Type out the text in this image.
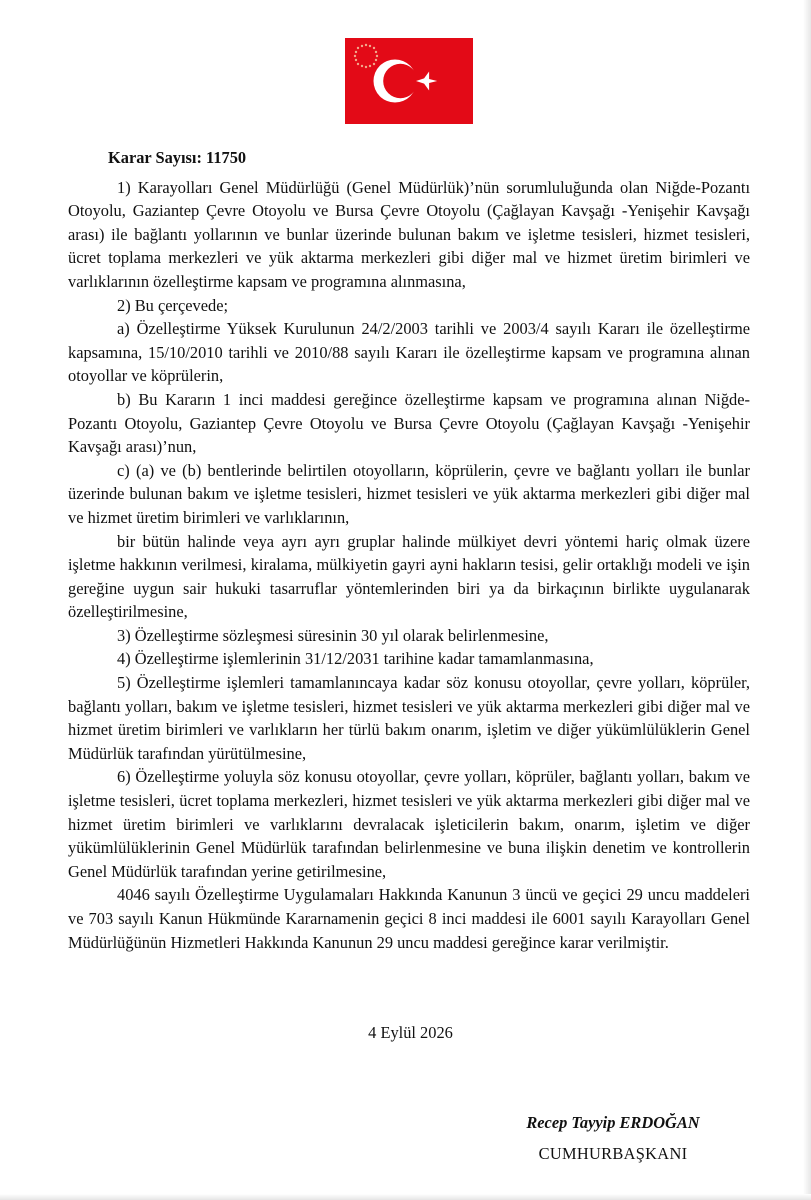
Karar Sayısı: 11750

1) Karayolları Genel Müdürlüğü (Genel Müdürlük)’nün sorumluluğunda olan Niğde-Pozantı Otoyolu, Gaziantep Çevre Otoyolu ve Bursa Çevre Otoyolu (Çağlayan Kavşağı -Yenişehir Kavşağı arası) ile bağlantı yollarının ve bunlar üzerinde bulunan bakım ve işletme tesisleri, hizmet tesisleri, ücret toplama merkezleri ve yük aktarma merkezleri gibi diğer mal ve hizmet üretim birimleri ve varlıklarının özelleştirme kapsam ve programına alınmasına,

2) Bu çerçevede;

a) Özelleştirme Yüksek Kurulunun 24/2/2003 tarihli ve 2003/4 sayılı Kararı ile özelleştirme kapsamına, 15/10/2010 tarihli ve 2010/88 sayılı Kararı ile özelleştirme kapsam ve programına alınan otoyollar ve köprülerin,

b) Bu Kararın 1 inci maddesi gereğince özelleştirme kapsam ve programına alınan Niğde-Pozantı Otoyolu, Gaziantep Çevre Otoyolu ve Bursa Çevre Otoyolu (Çağlayan Kavşağı -Yenişehir Kavşağı arası)’nun,

c) (a) ve (b) bentlerinde belirtilen otoyolların, köprülerin, çevre ve bağlantı yolları ile bunlar üzerinde bulunan bakım ve işletme tesisleri, hizmet tesisleri ve yük aktarma merkezleri gibi diğer mal ve hizmet üretim birimleri ve varlıklarının,

bir bütün halinde veya ayrı ayrı gruplar halinde mülkiyet devri yöntemi hariç olmak üzere işletme hakkının verilmesi, kiralama, mülkiyetin gayri ayni hakların tesisi, gelir ortaklığı modeli ve işin gereğine uygun sair hukuki tasarruflar yöntemlerinden biri ya da birkaçının birlikte uygulanarak özelleştirilmesine,

3) Özelleştirme sözleşmesi süresinin 30 yıl olarak belirlenmesine,

4) Özelleştirme işlemlerinin 31/12/2031 tarihine kadar tamamlanmasına,

5) Özelleştirme işlemleri tamamlanıncaya kadar söz konusu otoyollar, çevre yolları, köprüler, bağlantı yolları, bakım ve işletme tesisleri, hizmet tesisleri ve yük aktarma merkezleri gibi diğer mal ve hizmet üretim birimleri ve varlıkların her türlü bakım onarım, işletim ve diğer yükümlülüklerin Genel Müdürlük tarafından yürütülmesine,

6) Özelleştirme yoluyla söz konusu otoyollar, çevre yolları, köprüler, bağlantı yolları, bakım ve işletme tesisleri, ücret toplama merkezleri, hizmet tesisleri ve yük aktarma merkezleri gibi diğer mal ve hizmet üretim birimleri ve varlıklarını devralacak işleticilerin bakım, onarım, işletim ve diğer yükümlülüklerinin Genel Müdürlük tarafından belirlenmesine ve buna ilişkin denetim ve kontrollerin Genel Müdürlük tarafından yerine getirilmesine,

4046 sayılı Özelleştirme Uygulamaları Hakkında Kanunun 3 üncü ve geçici 29 uncu maddeleri ve 703 sayılı Kanun Hükmünde Kararnamenin geçici 8 inci maddesi ile 6001 sayılı Karayolları Genel Müdürlüğünün Hizmetleri Hakkında Kanunun 29 uncu maddesi gereğince karar verilmiştir.

4 Eylül 2026
Recep Tayyip ERDOĞAN
CUMHURBAŞKANI
